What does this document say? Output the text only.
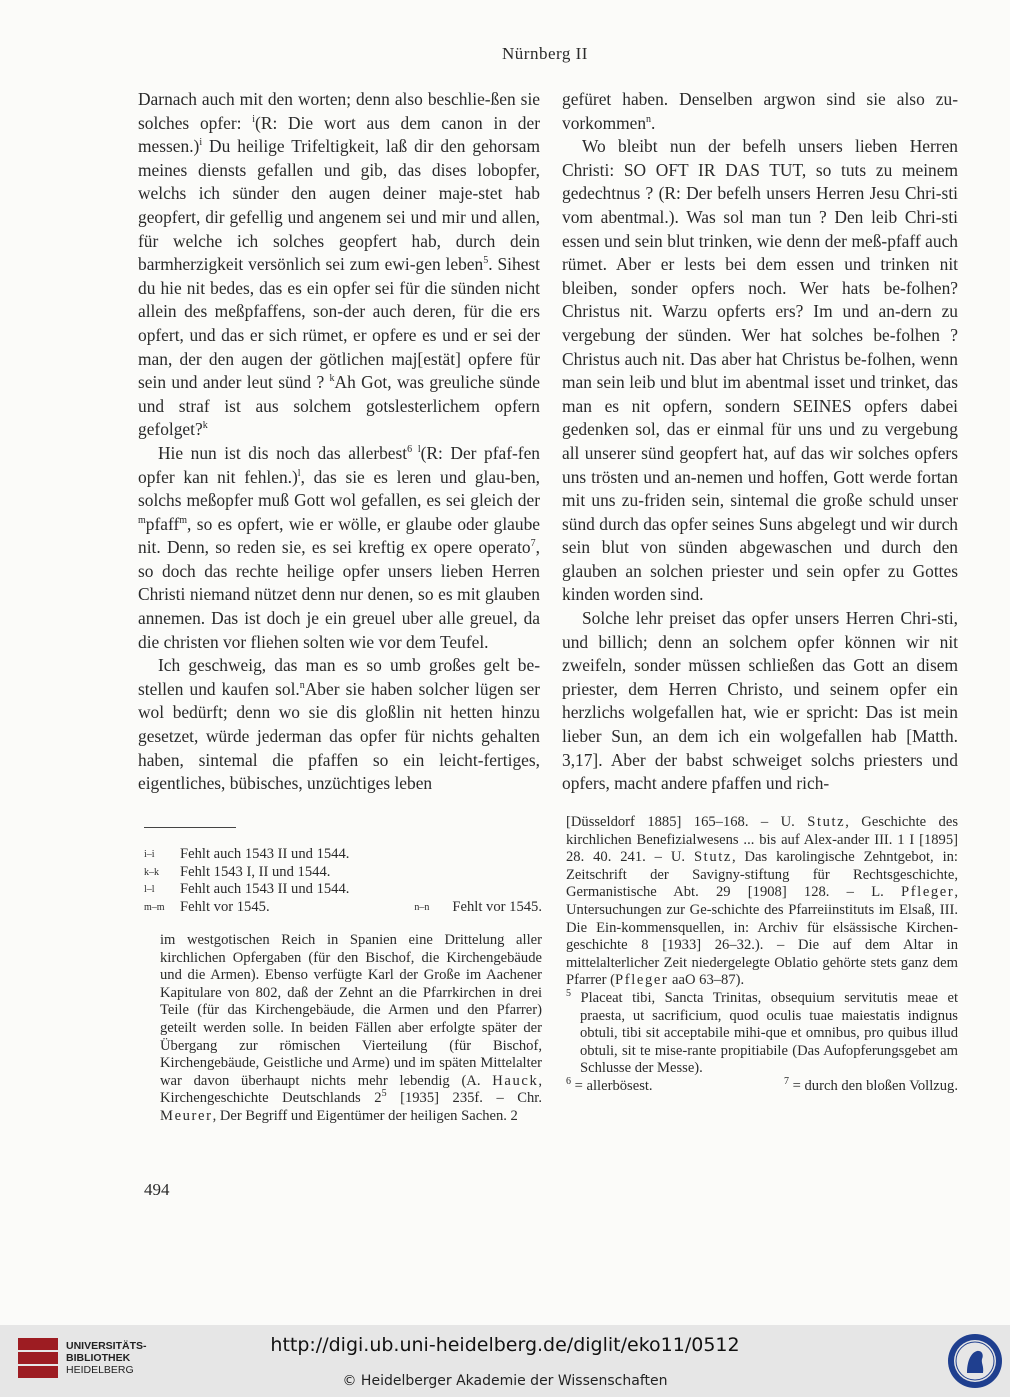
Nürnberg II

Darnach auch mit den worten; denn also beschlie-ßen sie solches opfer: $^i$(R: Die wort aus dem canon in der messen.)$^i$ Du heilige Trifeltigkeit, laß dir den gehorsam meines diensts gefallen und gib, das dises lobopfer, welchs ich sünder den augen deiner maje-stet hab geopfert, dir gefellig und angenem sei und mir und allen, für welche ich solches geopfert hab, durch dein barmherzigkeit versönlich sei zum ewi-gen leben$^5$. Sihest du hie nit bedes, das es ein opfer sei für die sünden nicht allein des meßpfaffens, son-der auch deren, für die ers opfert, und das er sich rümet, er opfere es und er sei der man, der den augen der götlichen maj[estät] opfere für sein und ander leut sünd ? $^k$Ah Got, was greuliche sünde und straf ist aus solchem gotslesterlichem opfern gefolget?$^k$

Hie nun ist dis noch das allerbest$^{6 l}$(R: Der pfaf-fen opfer kan nit fehlen.)$^l$, das sie es leren und glau-ben, solchs meßopfer muß Gott wol gefallen, es sei gleich der $^m$pfaff$^m$, so es opfert, wie er wölle, er glaube oder glaube nit. Denn, so reden sie, es sei kreftig ex opere operato$^7$, so doch das rechte heilige opfer unsers lieben Herren Christi niemand nützet denn nur denen, so es mit glauben annemen. Das ist doch je ein greuel uber alle greuel, da die christen vor fliehen solten wie vor dem Teufel.

Ich geschweig, das man es so umb großes gelt be-stellen und kaufen sol.$^n$Aber sie haben solcher lügen ser wol bedürft; denn wo sie dis gloßlin nit hetten hinzu gesetzet, würde jederman das opfer für nichts gehalten haben, sintemal die pfaffen so ein leicht-fertiges, eigentliches, bübisches, unzüchtiges leben

gefüret haben. Denselben argwon sind sie also zu-vorkommen$^n$.

Wo bleibt nun der befelh unsers lieben Herren Christi: SO OFT IR DAS TUT, so tuts zu meinem gedechtnus ? (R: Der befelh unsers Herren Jesu Chri-sti vom abentmal.). Was sol man tun ? Den leib Chri-sti essen und sein blut trinken, wie denn der meß-pfaff auch rümet. Aber er lests bei dem essen und trinken nit bleiben, sonder opfers noch. Wer hats be-folhen? Christus nit. Warzu opferts ers? Im und an-dern zu vergebung der sünden. Wer hat solches be-folhen ? Christus auch nit. Das aber hat Christus be-folhen, wenn man sein leib und blut im abentmal isset und trinket, das man es nit opfern, sondern SEINES opfers dabei gedenken sol, das er einmal für uns und zu vergebung all unserer sünd geopfert hat, auf das wir solches opfers uns trösten und an-nemen und hoffen, Gott werde fortan mit uns zu-friden sein, sintemal die große schuld unser sünd durch das opfer seines Suns abgelegt und wir durch sein blut von sünden abgewaschen und durch den glauben an solchen priester und sein opfer zu Gottes kinden worden sind.

Solche lehr preiset das opfer unsers Herren Chri-sti, und billich; denn an solchem opfer können wir nit zweifeln, sonder müssen schließen das Gott an disem priester, dem Herren Christo, und seinem opfer ein herzlichs wolgefallen hat, wie er spricht: Das ist mein lieber Sun, an dem ich ein wolgefallen hab [Matth. 3,17]. Aber der babst schweiget solchs priesters und opfers, macht andere pfaffen und rich-

i–i	Fehlt auch 1543 II und 1544.
k–k	Fehlt 1543 I, II und 1544.
l–l	Fehlt auch 1543 II und 1544.
m–m	Fehlt vor 1545.	n–n	Fehlt vor 1545.
im westgotischen Reich in Spanien eine Drittelung aller kirchlichen Opfergaben (für den Bischof, die Kirchengebäude und die Armen). Ebenso verfügte Karl der Große im Aachener Kapitulare von 802, daß der Zehnt an die Pfarrkirchen in drei Teile (für das Kirchengebäude, die Armen und den Pfarrer) geteilt werden solle. In beiden Fällen aber erfolgte später der Übergang zur römischen Vierteilung (für Bischof, Kirchengebäude, Geistliche und Arme) und im späten Mittelalter war davon überhaupt nichts mehr lebendig (A. Hauck, Kirchengeschichte Deutschlands $2^5$ [1935] 235f. – Chr. Meurer, Der Begriff und Eigentümer der heiligen Sachen. 2

[Düsseldorf 1885] 165–168. – U. Stutz, Geschichte des kirchlichen Benefizialwesens ... bis auf Alex-ander III. 1 I [1895] 28. 40. 241. – U. Stutz, Das karolingische Zehntgebot, in: Zeitschrift der Savigny-stiftung für Rechtsgeschichte, Germanistische Abt. 29 [1908] 128. – L. Pfleger, Untersuchungen zur Ge-schichte des Pfarreiinstituts im Elsaß, III. Die Ein-kommensquellen, in: Archiv für elsässische Kirchen-geschichte 8 [1933] 26–32.). – Die auf dem Altar in mittelalterlicher Zeit niedergelegte Oblatio gehörte stets ganz dem Pfarrer (Pfleger aaO 63–87).

$^5$ Placeat tibi, Sancta Trinitas, obsequium servitutis meae et praesta, ut sacrificium, quod oculis tuae maiestatis indignus obtuli, tibi sit acceptabile mihi-que et omnibus, pro quibus illud obtuli, sit te mise-rante propitiabile (Das Aufopferungsgebet am Schlusse der Messe).

$^6$ = allerbösest.	$^7$ = durch den bloßen Vollzug.

494
UNIVERSITÄTS-
BIBLIOTHEK
HEIDELBERG
http://digi.ub.uni-heidelberg.de/diglit/eko11/0512
© Heidelberger Akademie der Wissenschaften
